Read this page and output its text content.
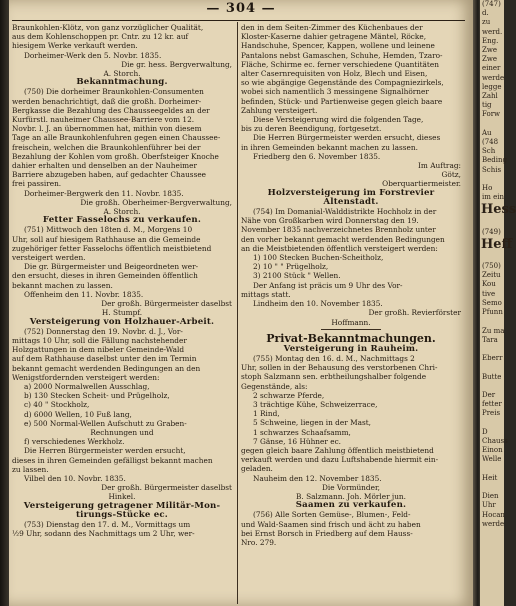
— 304 —
Braunkohlen-Klötz, von ganz vorzüglicher Qualität,
aus dem Kohlenschoppen pr. Cntr. zu 12 kr. auf
hiesigem Werke verkauft werden.
Dorheimer-Werk den 5. Novbr. 1835.
Die gr. hess. Bergverwaltung,
A. Storch.
Bekanntmachung.
(750) Die dorheimer Braunkohlen-Consumenten
werden benachrichtigt, daß die großh. Dorheimer-
Bergkasse die Bezahlung des Chausseegeldes an der
Kurfürstl. nauheimer Chaussee-Barriere vom 12.
Novbr. l. J. an übernommen hat, mithin von diesem
Tage an alle Braunkohlenfuhren gegen einen Chaussee-
freischein, welchen die Braunkohlenführer bei der
Bezahlung der Kohlen vom großh. Oberfsteiger Knoche
dahier erhalten und denselben an der Nauheimer
Barriere abzugeben haben, auf gedachter Chaussee
frei passiren.
Dorheimer-Bergwerk den 11. Novbr. 1835.
Die großh. Oberheimer-Bergverwaltung,
A. Storch.
Fetter Fasselochs zu verkaufen.
(751) Mittwoch den 18ten d. M., Morgens 10
Uhr, soll auf hiesigem Rathhause an die Gemeinde
zugehöriger fetter Fasselochs öffentlich meistbietend
versteigert werden.
Die gr. Bürgermeister und Beigeordneten wer-
den ersucht, dieses in ihren Gemeinden öffentlich
bekannt machen zu lassen.
Offenheim den 11. Novbr. 1835.
Der großh. Bürgermeister daselbst
H. Stumpf.
Versteigerung von Holzhauer-Arbeit.
(752) Donnerstag den 19. Novbr. d. J., Vor-
mittags 10 Uhr, soll die Fällung nachstehender
Holzgattungen in dem nibeler Gemeinde-Wald
auf dem Rathhause daselbst unter den im Termin
bekannt gemacht werdenden Bedingungen an den
Wenigstfordernden versteigert werden:
a) 2000 Normalwellen Ausschlag,
b) 130 Stecken Scheit- und Prügelholz,
c) 40 " Stockholz,
d) 6000 Wellen, 10 Fuß lang,
e) 500 Normal-Wellen Aufschutt zu Graben-
Rechnungen und
f) verschiedenes Werkholz.
Die Herren Bürgermeister werden ersucht,
dieses in ihren Gemeinden gefälligst bekannt machen
zu lassen.
Vilbel den 10. Novbr. 1835.
Der großh. Bürgermeister daselbst
Hinkel.
Versteigerung getragener Militär-Mon-
tirungs-Stücke ec.
(753) Dienstag den 17. d. M., Vormittags um
½9 Uhr, sodann des Nachmittags um 2 Uhr, wer-
den in dem Seiten-Zimmer des Küchenbaues der
Kloster-Kaserne dahier getragene Mäntel, Röcke,
Handschuhe, Spencer, Kappen, wollene und leinene
Pantalons nebst Gamaschen, Schuhe, Hemden, Tzaro-
Fläche, Schirme ec. ferner verschiedene Quantitäten
alter Casernrequisiten von Holz, Blech und Eisen,
so wie abgängige Gegenstände des Compagniezirkels,
wobei sich namentlich 3 messingene Signalhörner
befinden, Stück- und Partienweise gegen gleich baare
Zahlung versteigert.
Diese Versteigerung wird die folgenden Tage,
bis zu deren Beendigung, fortgesetzt.
Die Herren Bürgermeister werden ersucht, dieses
in ihren Gemeinden bekannt machen zu lassen.
Friedberg den 6. November 1835.
Im Auftrag:
Götz,
Oberquartiermeister.
Holzversteigerung im Forstrevier
Altenstadt.
(754) Im Domanial-Walddistrikte Hochholz in der
Nähe von Großkarben wird Donnerstag den 19.
November 1835 nachverzeichnetes Brennholz unter
den vorher bekannt gemacht werdenden Bedingungen
an die Meistbietenden öffentlich versteigert werden:
1) 100 Stecken Buchen-Scheitholz,
2) 10 " " Prügelholz,
3) 2100 Stück " Wellen.
Der Anfang ist präcis um 9 Uhr des Vor-
mittags statt.
Lindheim den 10. November 1835.
Der großh. Revierförster
Hoffmann.
Privat-Bekanntmachungen.
Versteigerung in Rauheim.
(755) Montag den 16. d. M., Nachmittags 2
Uhr, sollen in der Behausung des verstorbenen Chri-
stoph Salzmann sen. erbtheilungshalber folgende
Gegenstände, als:
2 schwarze Pferde,
3 trächtige Kühe, Schweizerrace,
1 Rind,
5 Schweine, liegen in der Mast,
1 schwarzes Schaafsamm,
7 Gänse, 16 Hühner ec.
gegen gleich baare Zahlung öffentlich meistbietend
verkauft werden und dazu Luftshabende hiermit ein-
geladen.
Nauheim den 12. November 1835.
Die Vormünder,
B. Salzmann. Joh. Mörler jun.
Saamen zu verkaufen.
(756) Alle Sorten Gemüse-, Blumen-, Feld-
und Wald-Saamen sind frisch und ächt zu haben
bei Ernst Borsch in Friedberg auf dem Hauss-
Nro. 279.
(747)
d.
zu
werd.
Eng.
Zwe
Zwe
einer
werde
legge
Zahl
tig
Forw

Au
(748
Sch
Beding
Schis

Ho
im ein
Hess

(749)
Heff

(750)
Zeitu
Kou
tive
Semo
Pfunn

Zu ma
Tara

Eberr

Butte

Der
fetter
Preis

D
Chauss
Einon
Welle

Heit

Dien
Uhr
Hocan
werde
